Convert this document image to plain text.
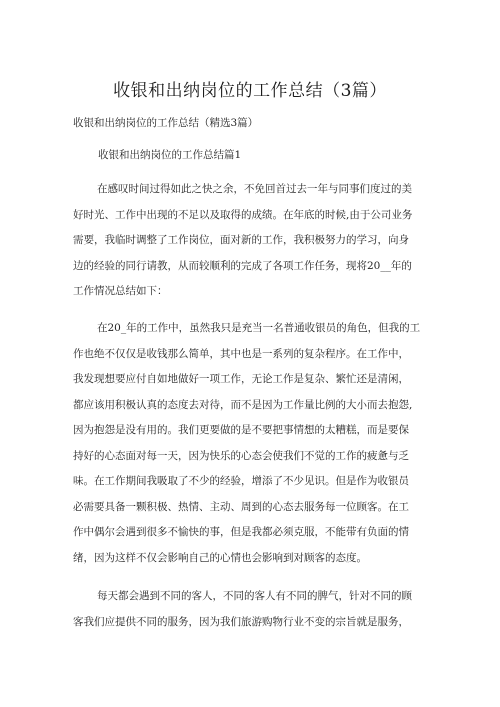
收银和出纳岗位的工作总结（3篇）
收银和出纳岗位的工作总结（精选3篇）
收银和出纳岗位的工作总结篇1
在感叹时间过得如此之快之余，不免回首过去一年与同事们度过的美
好时光、工作中出现的不足以及取得的成绩。在年底的时候,由于公司业务
需要，我临时调整了工作岗位，面对新的工作，我积极努力的学习，向身
边的经验的同行请教，从而较顺利的完成了各项工作任务，现将20__年的
工作情况总结如下：
在20_年的工作中，虽然我只是充当一名普通收银员的角色，但我的工
作也绝不仅仅是收钱那么简单，其中也是一系列的复杂程序。在工作中，
我发现想要应付自如地做好一项工作，无论工作是复杂、繁忙还是清闲，
都应该用积极认真的态度去对待，而不是因为工作量比例的大小而去抱怨,
因为抱怨是没有用的。我们更要做的是不要把事情想的太糟糕，而是要保
持好的心态面对每一天，因为快乐的心态会使我们不觉的工作的疲惫与乏
味。在工作期间我吸取了不少的经验，增添了不少见识。但是作为收银员
必需要具备一颗积极、热情、主动、周到的心态去服务每一位顾客。在工
作中偶尔会遇到很多不愉快的事，但是我都必须克服，不能带有负面的情
绪，因为这样不仅会影响自己的心情也会影响到对顾客的态度。
每天都会遇到不同的客人，不同的客人有不同的脾气，针对不同的顾
客我们应提供不同的服务，因为我们旅游购物行业不变的宗旨就是服务，
